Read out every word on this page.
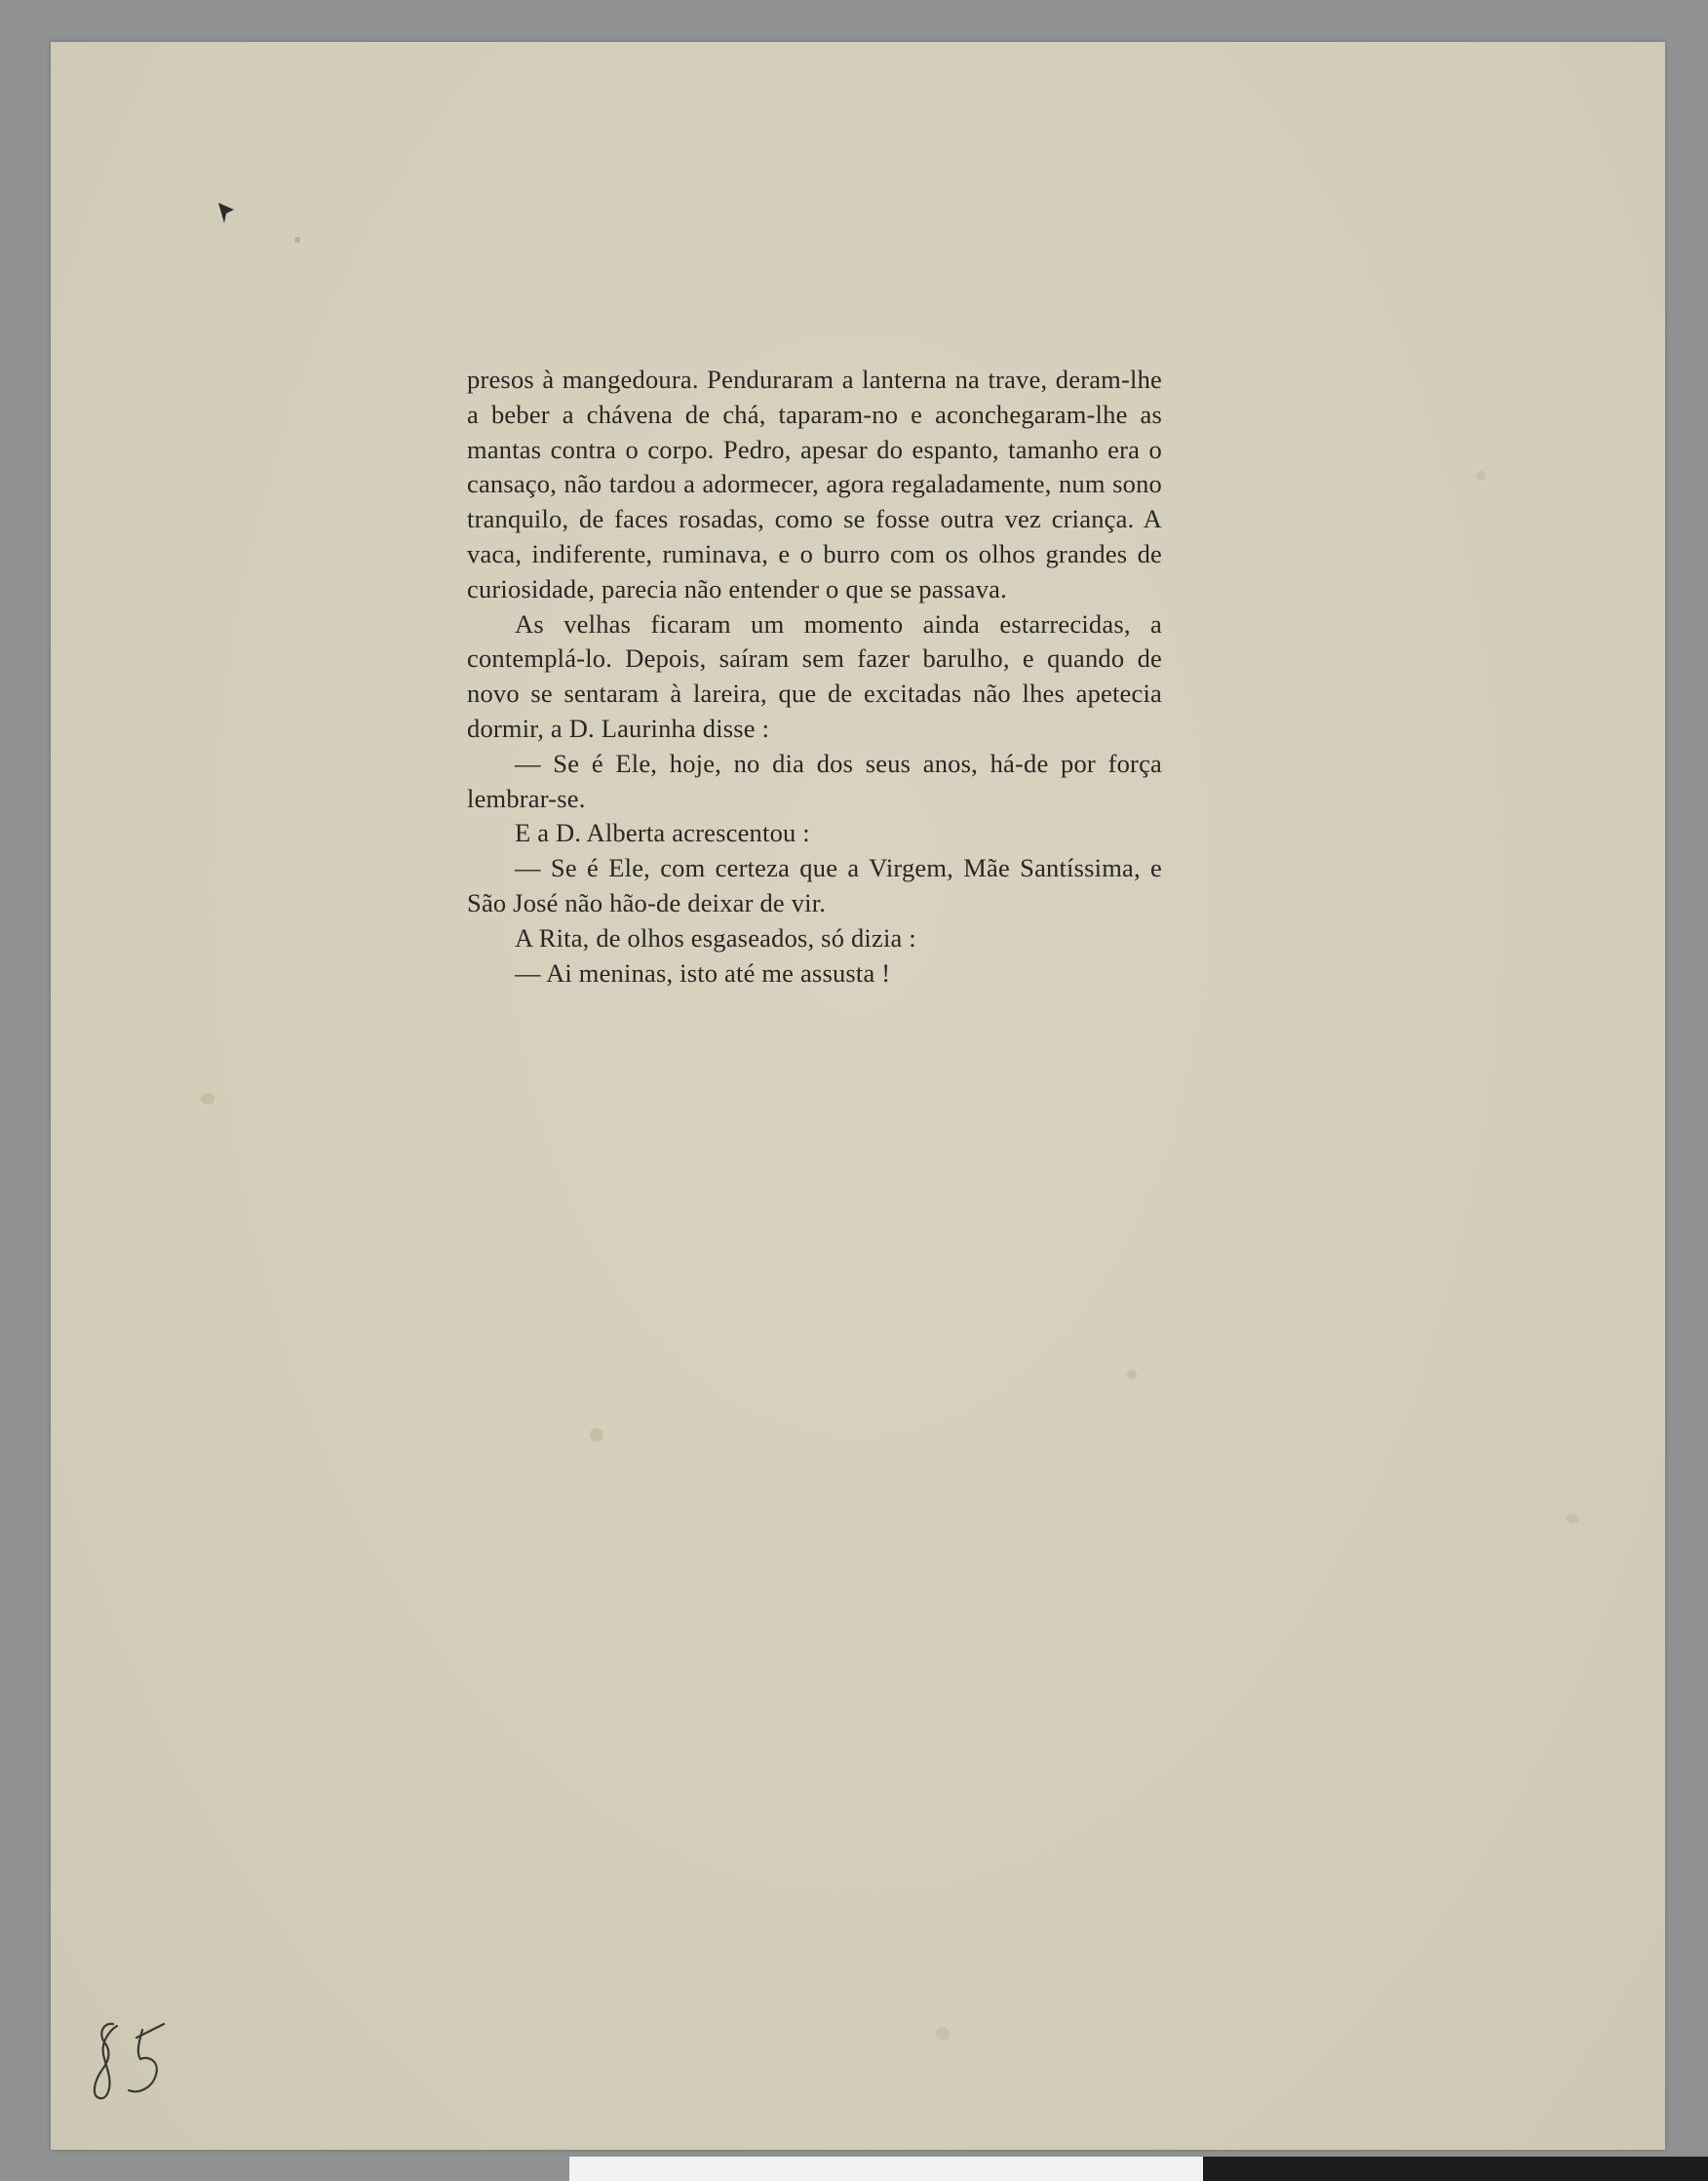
presos à mangedoura. Penduraram a lanterna na trave, deram-lhe a beber a chávena de chá, taparam-no e aconchegaram-lhe as mantas contra o corpo. Pedro, apesar do espanto, tamanho era o cansaço, não tardou a adormecer, agora regaladamente, num sono tranquilo, de faces rosadas, como se fosse outra vez criança. A vaca, indiferente, ruminava, e o burro com os olhos grandes de curiosidade, parecia não entender o que se passava.

As velhas ficaram um momento ainda estarrecidas, a contemplá-lo. Depois, saíram sem fazer barulho, e quando de novo se sentaram à lareira, que de excitadas não lhes apetecia dormir, a D. Laurinha disse :

— Se é Ele, hoje, no dia dos seus anos, há-de por força lembrar-se.

E a D. Alberta acrescentou :

— Se é Ele, com certeza que a Virgem, Mãe Santíssima, e São José não hão-de deixar de vir.

A Rita, de olhos esgaseados, só dizia :

— Ai meninas, isto até me assusta !
